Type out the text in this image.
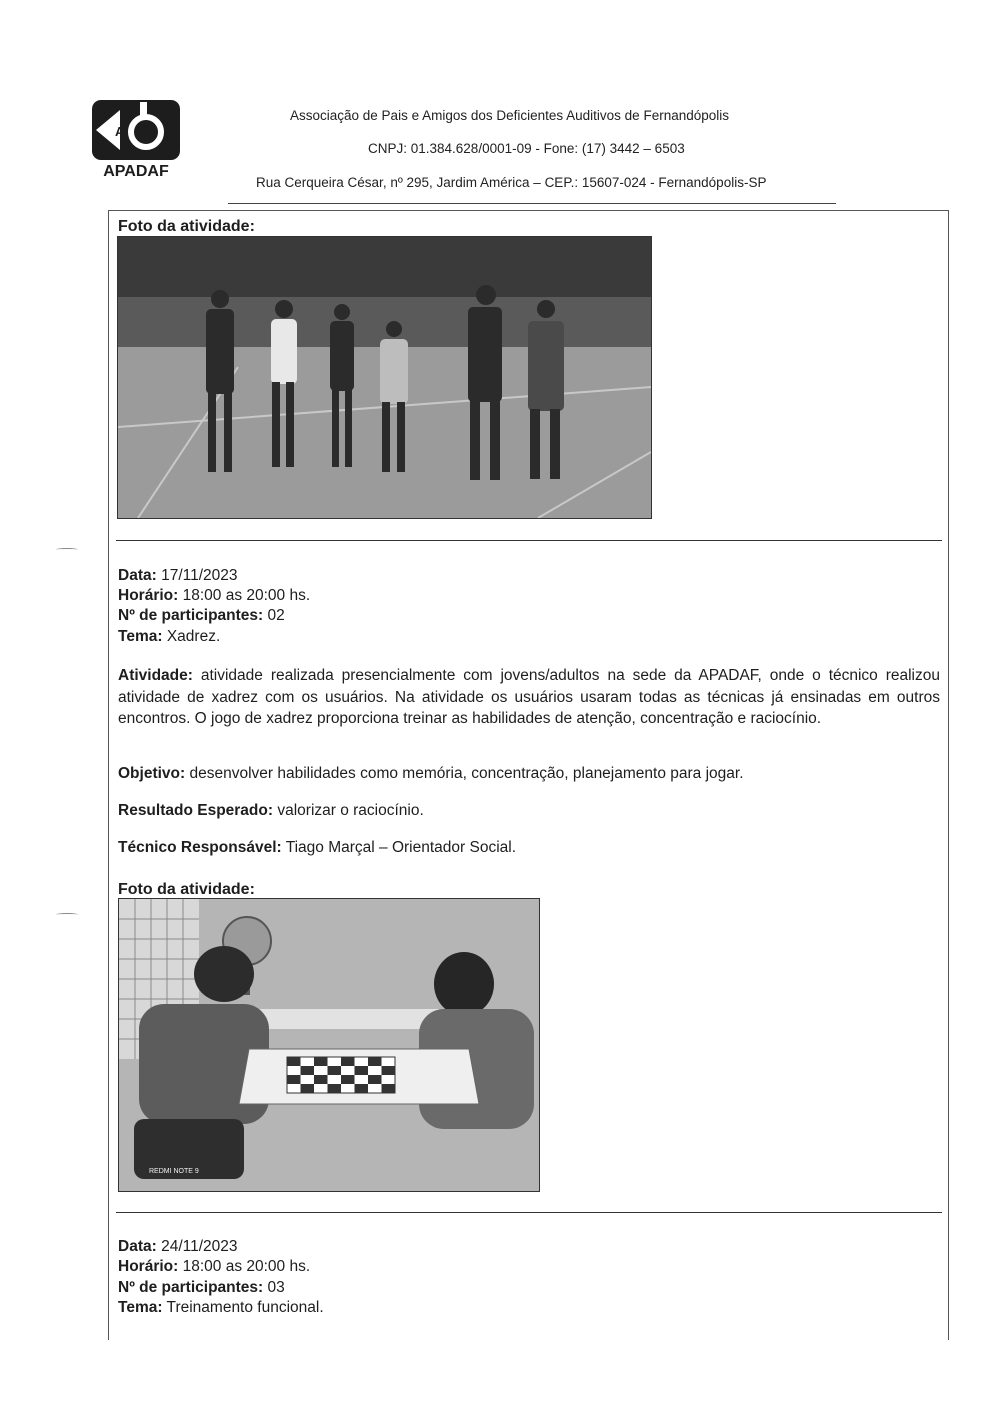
A
APADAF
Associação de Pais e Amigos dos Deficientes Auditivos de Fernandópolis
CNPJ: 01.384.628/0001-09 - Fone: (17) 3442 – 6503
Rua Cerqueira César, nº 295, Jardim América – CEP.: 15607-024 - Fernandópolis-SP
Foto da atividade:
Data: 17/11/2023
Horário: 18:00 as 20:00 hs.
Nº de participantes: 02
Tema: Xadrez.
Atividade: atividade realizada presencialmente com jovens/adultos na sede da APADAF, onde o técnico realizou atividade de xadrez com os usuários. Na atividade os usuários usaram todas as técnicas já ensinadas em outros encontros. O jogo de xadrez proporciona treinar as habilidades de atenção, concentração e raciocínio.
Objetivo: desenvolver habilidades como memória, concentração, planejamento para jogar.
Resultado Esperado: valorizar o raciocínio.
Técnico Responsável: Tiago Marçal – Orientador Social.
Foto da atividade:
REDMI NOTE 9
Data: 24/11/2023
Horário: 18:00 as 20:00 hs.
Nº de participantes: 03
Tema: Treinamento funcional.
